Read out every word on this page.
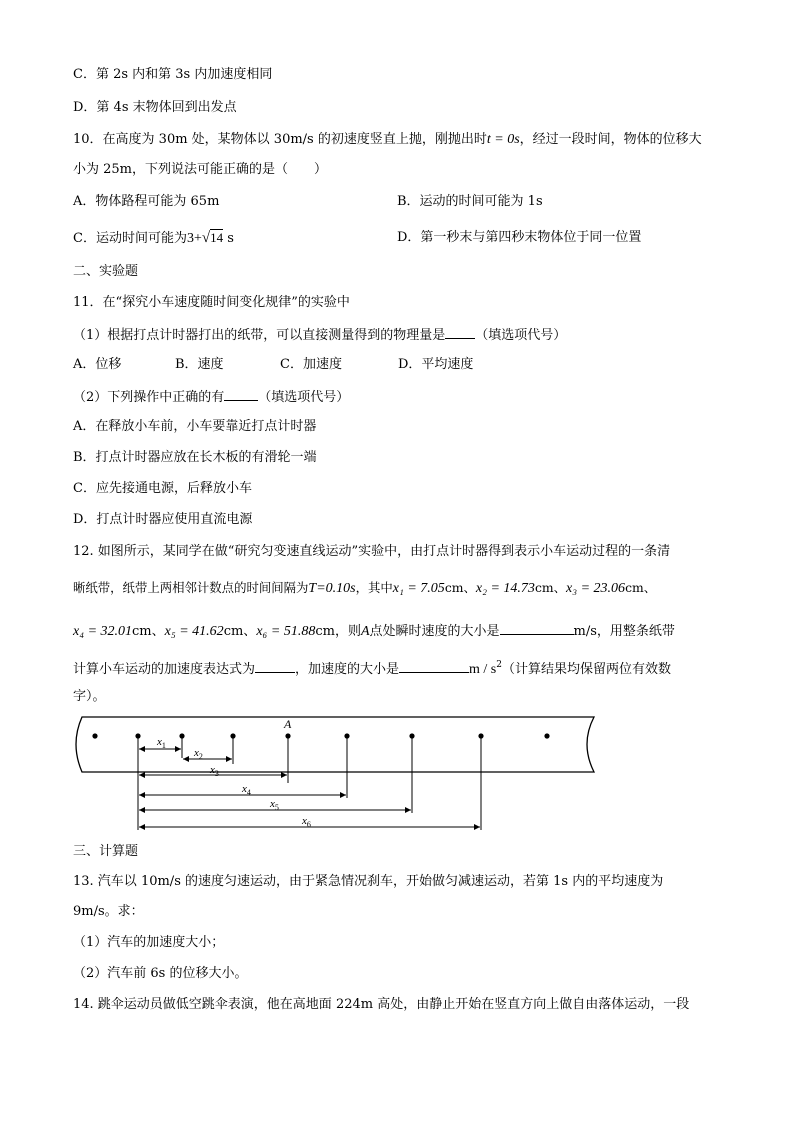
C．第 2s 内和第 3s 内加速度相同
D．第 4s 末物体回到出发点
10．在高度为 30m 处，某物体以 30m/s 的初速度竖直上抛，刚抛出时t = 0s，经过一段时间，物体的位移大
小为 25m，下列说法可能正确的是（　　）
A．物体路程可能为 65m	B．运动的时间可能为 1s
C．运动时间可能为3+√14 s	D．第一秒末与第四秒末物体位于同一位置
二、实验题
11．在“探究小车速度随时间变化规律”的实验中
（1）根据打点计时器打出的纸带，可以直接测量得到的物理量是 （填选项代号）
A．位移	B．速度	C．加速度	D．平均速度
（2）下列操作中正确的有	（填选项代号）
A．在释放小车前，小车要靠近打点计时器
B．打点计时器应放在长木板的有滑轮一端
C．应先接通电源，后释放小车
D．打点计时器应使用直流电源
12. 如图所示，某同学在做“研究匀变速直线运动”实验中，由打点计时器得到表示小车运动过程的一条清
晰纸带，纸带上两相邻计数点的时间间隔为T=0.10s，其中x₁ = 7.05cm、x₂ = 14.73cm、x₃ = 23.06cm、
x₄ = 32.01cm、x₅ = 41.62cm、x₆ = 51.88cm，则A点处瞬时速度的大小是	m/s，用整条纸带
计算小车运动的加速度表达式为	，加速度的大小是	m / $s^2$（计算结果均保留两位有效数
字）。
A
$x_1$
$x_2$
$x_3$
$x_4$
$x_5$
$x_6$
三、计算题
13. 汽车以 10m/s 的速度匀速运动，由于紧急情况刹车，开始做匀减速运动，若第 1s 内的平均速度为
9m/s。求：
（1）汽车的加速度大小；
（2）汽车前 6s 的位移大小。
14. 跳伞运动员做低空跳伞表演，他在高地面 224m 高处，由静止开始在竖直方向上做自由落体运动，一段
